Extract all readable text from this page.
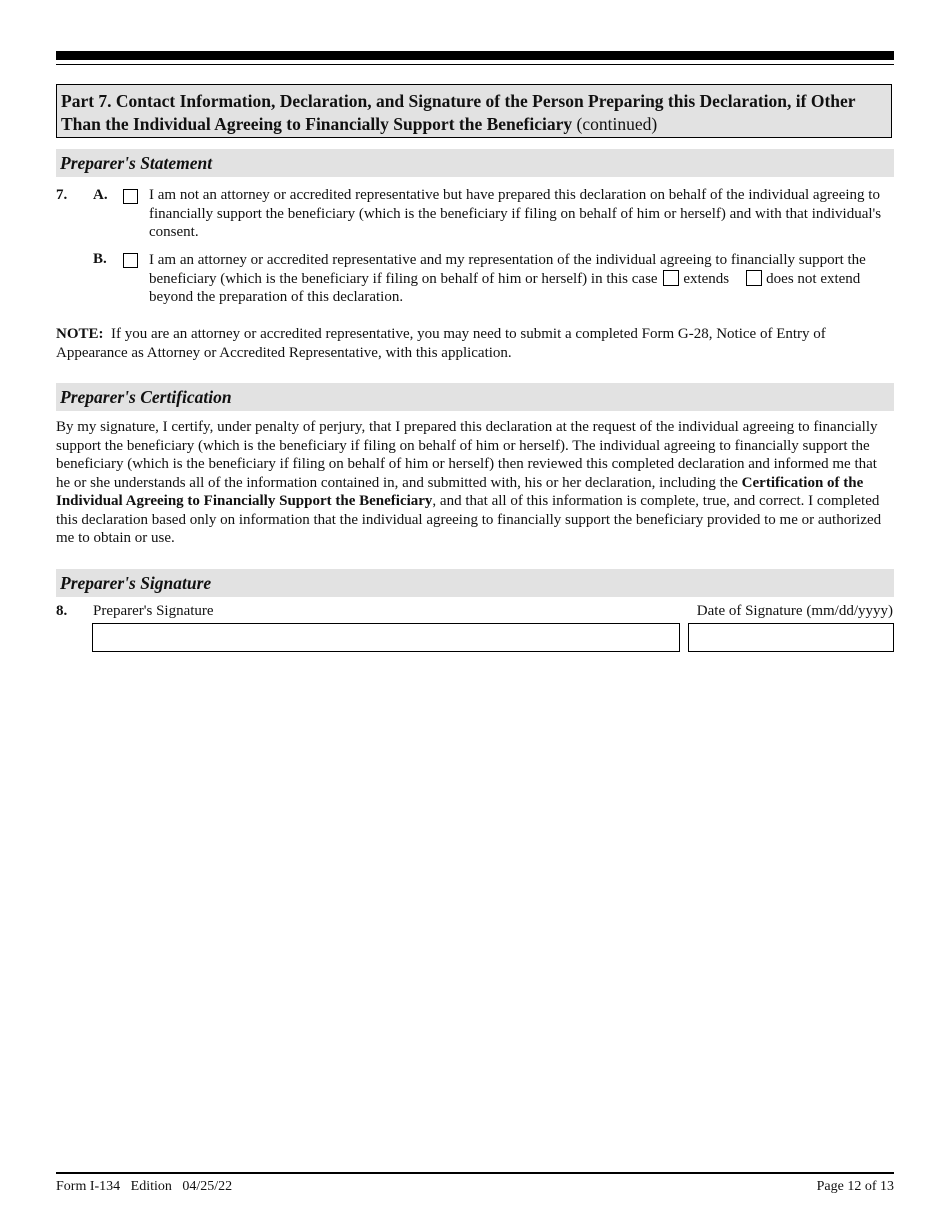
Part 7. Contact Information, Declaration, and Signature of the Person Preparing this Declaration, if Other Than the Individual Agreeing to Financially Support the Beneficiary (continued)
Preparer's Statement
7. A.	I am not an attorney or accredited representative but have prepared this declaration on behalf of the individual agreeing to financially support the beneficiary (which is the beneficiary if filing on behalf of him or herself) and with that individual's consent.
B.	I am an attorney or accredited representative and my representation of the individual agreeing to financially support the beneficiary (which is the beneficiary if filing on behalf of him or herself) in this case extends does not extend beyond the preparation of this declaration.
NOTE: If you are an attorney or accredited representative, you may need to submit a completed Form G-28, Notice of Entry of Appearance as Attorney or Accredited Representative, with this application.
Preparer's Certification
By my signature, I certify, under penalty of perjury, that I prepared this declaration at the request of the individual agreeing to financially support the beneficiary (which is the beneficiary if filing on behalf of him or herself). The individual agreeing to financially support the beneficiary (which is the beneficiary if filing on behalf of him or herself) then reviewed this completed declaration and informed me that he or she understands all of the information contained in, and submitted with, his or her declaration, including the Certification of the Individual Agreeing to Financially Support the Beneficiary, and that all of this information is complete, true, and correct. I completed this declaration based only on information that the individual agreeing to financially support the beneficiary provided to me or authorized me to obtain or use.
Preparer's Signature
8. Preparer's Signature	Date of Signature (mm/dd/yyyy)
Form I-134   Edition   04/25/22	Page 12 of 13
